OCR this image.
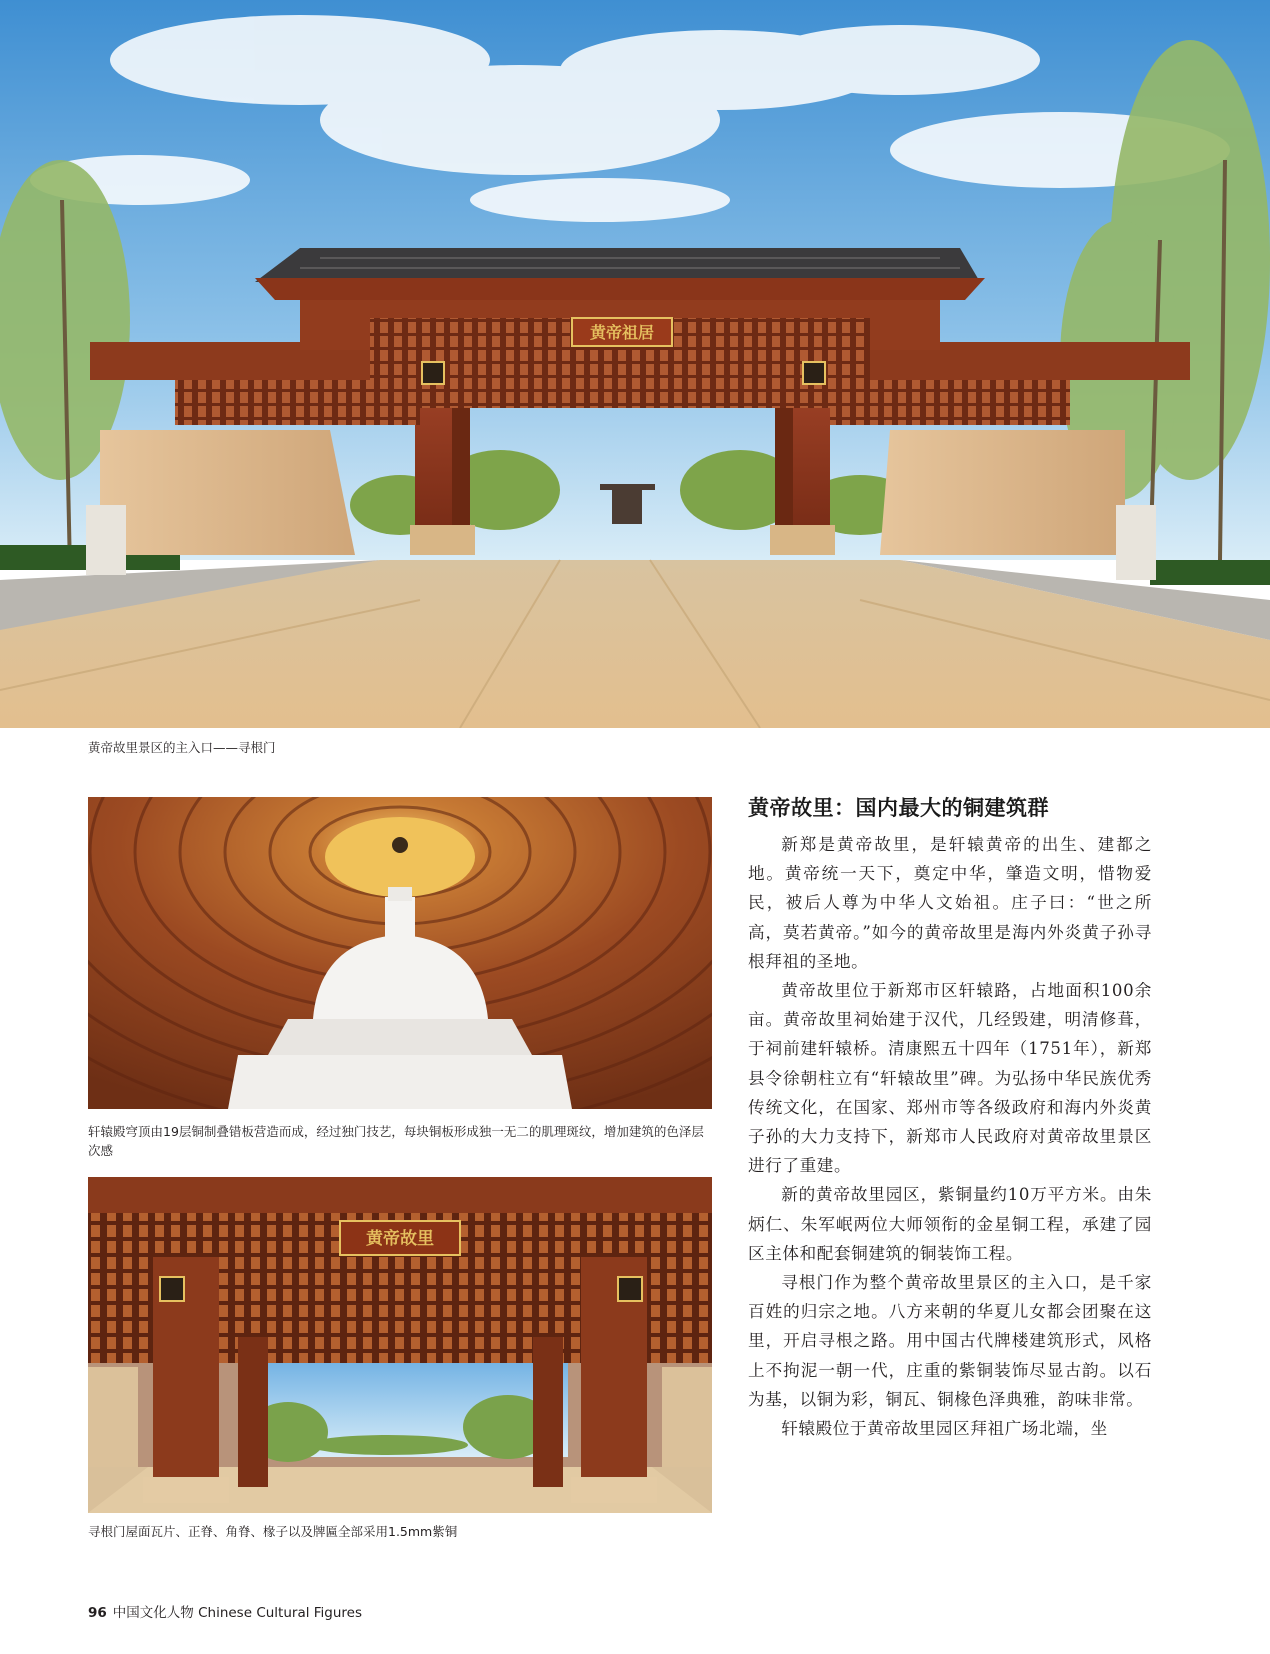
黄帝祖居
黄帝故里景区的主入口——寻根门
轩辕殿穹顶由19层铜制叠错板营造而成，经过独门技艺，每块铜板形成独一无二的肌理斑纹，增加建筑的色泽层次感
黄帝故里
寻根门屋面瓦片、正脊、角脊、椽子以及牌匾全部采用1.5mm紫铜
黄帝故里：国内最大的铜建筑群

新郑是黄帝故里，是轩辕黄帝的出生、建都之地。黄帝统一天下，奠定中华，肇造文明，惜物爱民，被后人尊为中华人文始祖。庄子曰：“世之所高，莫若黄帝。”如今的黄帝故里是海内外炎黄子孙寻根拜祖的圣地。

黄帝故里位于新郑市区轩辕路，占地面积100余亩。黄帝故里祠始建于汉代，几经毁建，明清修葺，于祠前建轩辕桥。清康熙五十四年（1751年），新郑县令徐朝柱立有“轩辕故里”碑。为弘扬中华民族优秀传统文化，在国家、郑州市等各级政府和海内外炎黄子孙的大力支持下，新郑市人民政府对黄帝故里景区进行了重建。

新的黄帝故里园区，紫铜量约10万平方米。由朱炳仁、朱军岷两位大师领衔的金星铜工程，承建了园区主体和配套铜建筑的铜装饰工程。

寻根门作为整个黄帝故里景区的主入口，是千家百姓的归宗之地。八方来朝的华夏儿女都会团聚在这里，开启寻根之路。用中国古代牌楼建筑形式，风格上不拘泥一朝一代，庄重的紫铜装饰尽显古韵。以石为基，以铜为彩，铜瓦、铜椽色泽典雅，韵味非常。

轩辕殿位于黄帝故里园区拜祖广场北端，坐

96 中国文化人物 Chinese Cultural Figures
